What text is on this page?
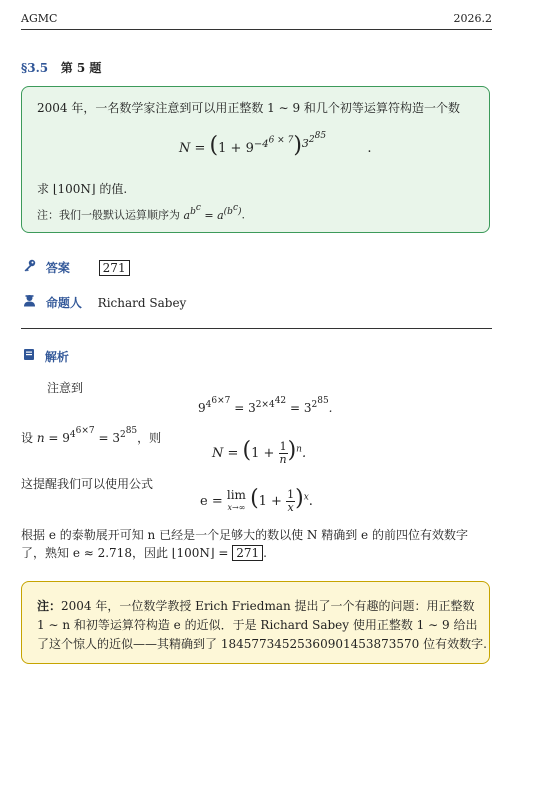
AGMC	2026.2
§3.5 第 5 题
2004 年，一名数学家注意到可以用正整数 1 ∼ 9 和几个初等运算符构造一个数
$N = (1 + 9^{-4^{6 \times 7}})^{3^{2^{85}}}$          .
求 ⌊100N⌋ 的值.
注：我们一般默认运算顺序为 $a^{b^c} = a^{(b^c)}$.
答案	271
命题人 Richard Sabey
解析
注意到
$9^{4^{6\times 7}} = 3^{2\times 4^{42}} = 3^{2^{85}}$.
设 $n = 9^{4^{6\times 7}} = 3^{2^{85}}$，则
$N = (1 + \frac{1}{n} )^n$.
这提醒我们可以使用公式
e = lim
x→∞ $(1 + \frac{1}{x} )^x$.
根据 e 的泰勒展开可知 n 已经是一个足够大的数以使 N 精确到 e 的前四位有效数字
了，熟知 e ≈ 2.718，因此 ⌊100N⌋ = 271 .
注：2004 年，一位数学教授 Erich Friedman 提出了一个有趣的问题：用正整数
1 ∼ n 和初等运算符构造 e 的近似．于是 Richard Sabey 使用正整数 1 ∼ 9 给出
了这个惊人的近似——其精确到了 18457734525360901453873570 位有效数字.
